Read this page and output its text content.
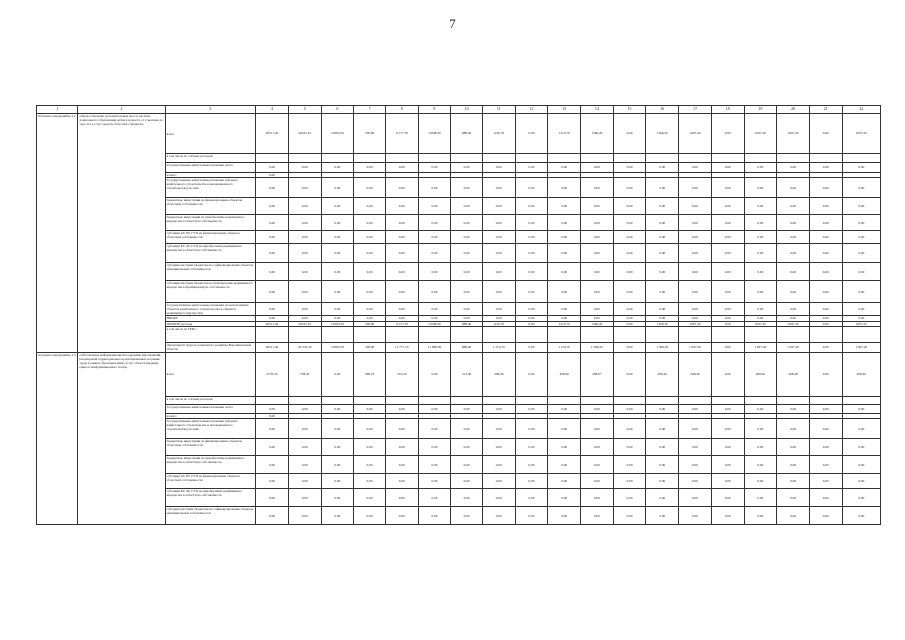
7
1	2	3	4	5	6	7	8	9	10	11	12	13	14	15	16	17	18	19	20	21	22
Основное мероприятие 2.2	«Предоставление дополнительных мест в системе дошкольного образования детям в возрасте от 2 месяцев до трех лет за счет средств областного бюджета»	всего	20511,40	20333,10	19583,30	708,00	11777,70	11098,30	688,40	1210,70	0,00	1210,70	1366,20	0,00	1366,20	1097,20	0,00	1097,20	1097,20	0,00	1097,20
		в том числе по статьям расходов:																			
		Государственные капитальные вложения, всего	0,00	0,00	0,00	0,00	0,00	0,00	0,00	0,00	0,00	0,00	0,00	0,00	0,00	0,00	0,00	0,00	0,00	0,00	0,00
		из них:	0,00																		
		Государственные капитальные вложения (объекты капитального строительства и незавершенного строительства), из них:	0,00	0,00	0,00	0,00	0,00	0,00	0,00	0,00	0,00	0,00	0,00	0,00	0,00	0,00	0,00	0,00	0,00	0,00	0,00
		бюджетные инвестиции на финансирование объектов областной собственности	0,00	0,00	0,00	0,00	0,00	0,00	0,00	0,00	0,00	0,00	0,00	0,00	0,00	0,00	0,00	0,00	0,00	0,00	0,00
		бюджетные инвестиции на приобретение недвижимого имущества в областную собственность	0,00	0,00	0,00	0,00	0,00	0,00	0,00	0,00	0,00	0,00	0,00	0,00	0,00	0,00	0,00	0,00	0,00	0,00	0,00
		субсидии АУ, БУ, ГУП на финансирование объектов областной собственности	0,00	0,00	0,00	0,00	0,00	0,00	0,00	0,00	0,00	0,00	0,00	0,00	0,00	0,00	0,00	0,00	0,00	0,00	0,00
		субсидии БУ, АУ, ГУП на приобретение недвижимого имущества в областную собственность	0,00	0,00	0,00	0,00	0,00	0,00	0,00	0,00	0,00	0,00	0,00	0,00	0,00	0,00	0,00	0,00	0,00	0,00	0,00
		субсидии местным бюджетам на софинансирование объектов муниципальной собственности	0,00	0,00	0,00	0,00	0,00	0,00	0,00	0,00	0,00	0,00	0,00	0,00	0,00	0,00	0,00	0,00	0,00	0,00	0,00
		субсидии местным бюджетам на приобретение недвижимого имущества в муниципальную собственность	0,00	0,00	0,00	0,00	0,00	0,00	0,00	0,00	0,00	0,00	0,00	0,00	0,00	0,00	0,00	0,00	0,00	0,00	0,00
		Государственные капитальные вложения (за исключением объектов капитального строительства и объектов недвижимого имущества)	0,00	0,00	0,00	0,00	0,00	0,00	0,00	0,00	0,00	0,00	0,00	0,00	0,00	0,00	0,00	0,00	0,00	0,00	0,00
		НИОКР	0,00	0,00	0,00	0,00	0,00	0,00	0,00	0,00	0,00	0,00	0,00	0,00	0,00	0,00	0,00	0,00	0,00	0,00	0,00
		ПРОЧИЕ расходы	20511,40	20333,10	19583,30	708,00	11777,70	11098,30	688,40	1210,70	0,00	1210,70	1366,20	0,00	1366,20	1097,20	0,00	1097,20	1097,20	0,00	1097,20
		в том числе по ГРБС:																			
		Департамент труда и социального развития Ворошиловской области	20511,40	20 333,10	19583,30	708,00	11 777,70	11 098,30	688,40	1 210,70	0,00	1 210,70	1 366,20	0,00	1 366,20	1 097,20	0,00	1 097,20	1 097,20	0,00	1 097,20
Основное мероприятие 2.3	«Обеспечение информационной поддержки мероприятий, реализуемой территориально проектированных на рынке труда в рамках образовательных услуг области (ведение единого информационного поля)»	всего	2755,10	758,30	0,00	398,23	372,20	0,00	313,30	308,40	0,00	308,40	208,67	0,00	208,40	208,40	0,00	208,40	208,40	0,00	208,40
		в том числе по статьям расходов:																			
		Государственные капитальные вложения, всего	0,00	0,00	0,00	0,00	0,00	0,00	0,00	0,00	0,00	0,00	0,00	0,00	0,00	0,00	0,00	0,00	0,00	0,00	0,00
		из них:	0,00																		
		Государственные капитальные вложения (объекты капитального строительства и незавершенного строительства), из них:	0,00	0,00	0,00	0,00	0,00	0,00	0,00	0,00	0,00	0,00	0,00	0,00	0,00	0,00	0,00	0,00	0,00	0,00	0,00
		бюджетные инвестиции на финансирование объектов областной собственности	0,00	0,00	0,00	0,00	0,00	0,00	0,00	0,00	0,00	0,00	0,00	0,00	0,00	0,00	0,00	0,00	0,00	0,00	0,00
		бюджетные инвестиции на приобретение недвижимого имущества в областную собственность	0,00	0,00	0,00	0,00	0,00	0,00	0,00	0,00	0,00	0,00	0,00	0,00	0,00	0,00	0,00	0,00	0,00	0,00	0,00
		субсидии АУ, БУ, ГУП на финансирование объектов областной собственности	0,00	0,00	0,00	0,00	0,00	0,00	0,00	0,00	0,00	0,00	0,00	0,00	0,00	0,00	0,00	0,00	0,00	0,00	0,00
		субсидии БУ, АУ, ГУП на приобретение недвижимого имущества в областную собственность	0,00	0,00	0,00	0,00	0,00	0,00	0,00	0,00	0,00	0,00	0,00	0,00	0,00	0,00	0,00	0,00	0,00	0,00	0,00
		субсидии местным бюджетам на софинансирование объектов муниципальной собственности	0,00	0,00	0,00	0,00	0,00	0,00	0,00	0,00	0,00	0,00	0,00	0,00	0,00	0,00	0,00	0,00	0,00	0,00	0,00
